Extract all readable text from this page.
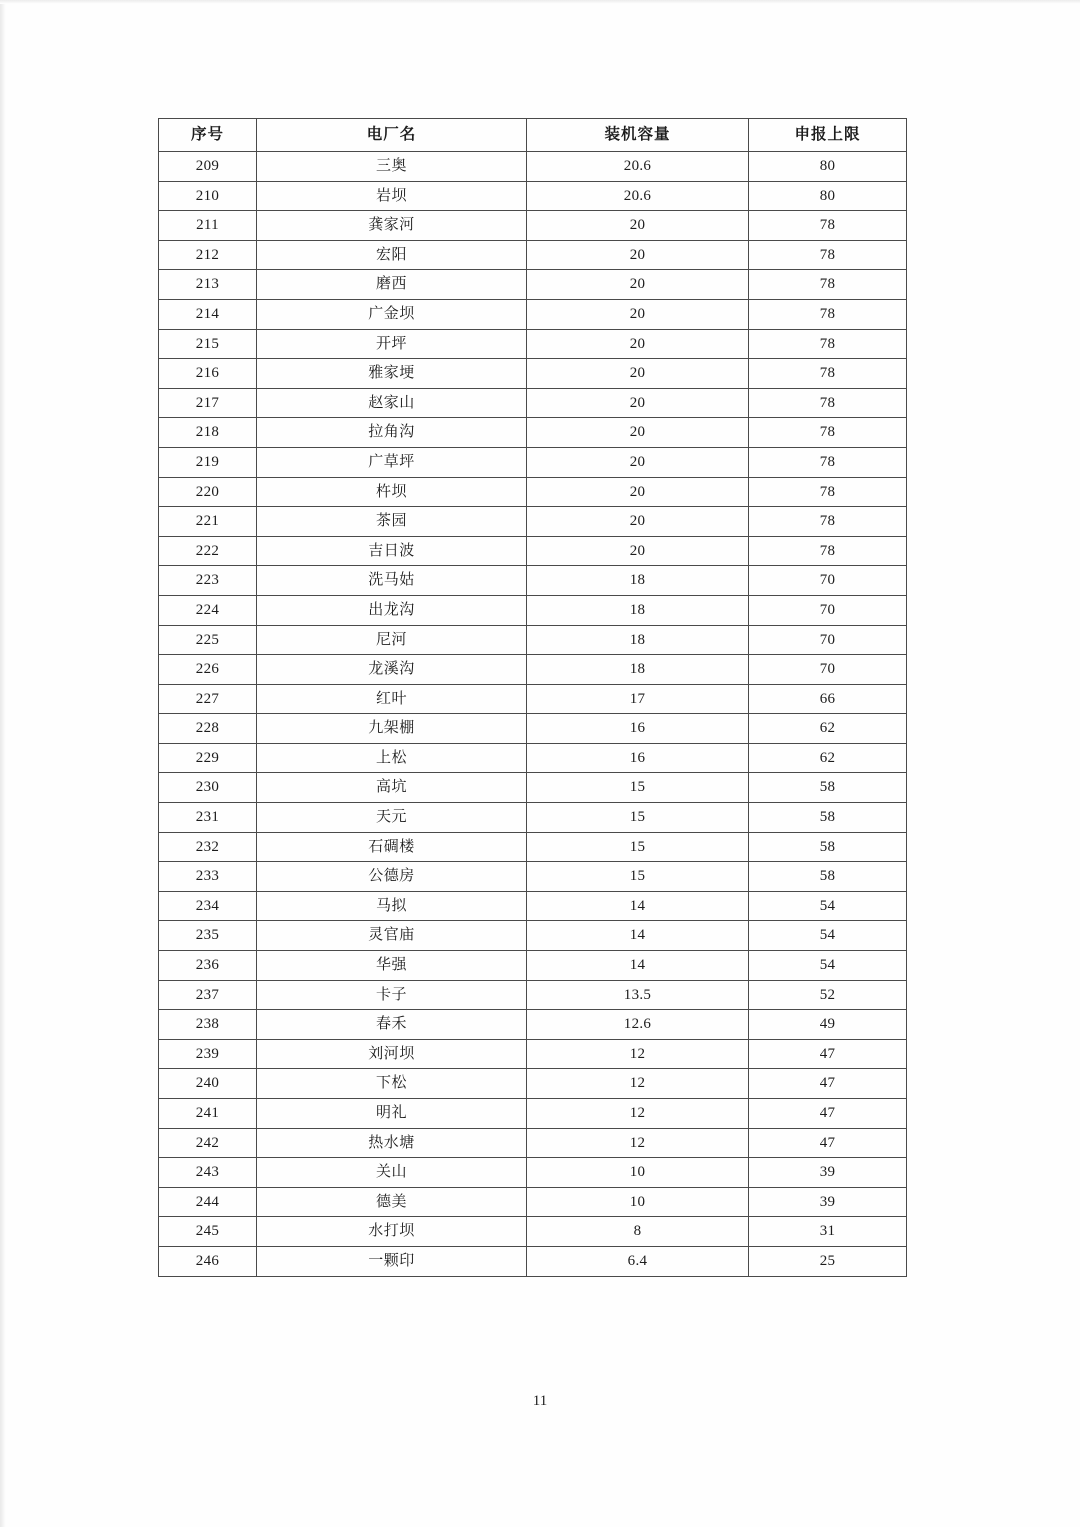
序号	电厂名	装机容量	申报上限
209	三奥	20.6	80
210	岩坝	20.6	80
211	龚家河	20	78
212	宏阳	20	78
213	磨西	20	78
214	广金坝	20	78
215	开坪	20	78
216	雅家埂	20	78
217	赵家山	20	78
218	拉角沟	20	78
219	广草坪	20	78
220	杵坝	20	78
221	茶园	20	78
222	吉日波	20	78
223	洗马姑	18	70
224	出龙沟	18	70
225	尼河	18	70
226	龙溪沟	18	70
227	红叶	17	66
228	九架棚	16	62
229	上松	16	62
230	高坑	15	58
231	天元	15	58
232	石碉楼	15	58
233	公德房	15	58
234	马拟	14	54
235	灵官庙	14	54
236	华强	14	54
237	卡子	13.5	52
238	春禾	12.6	49
239	刘河坝	12	47
240	下松	12	47
241	明礼	12	47
242	热水塘	12	47
243	关山	10	39
244	德美	10	39
245	水打坝	8	31
246	一颗印	6.4	25
11
